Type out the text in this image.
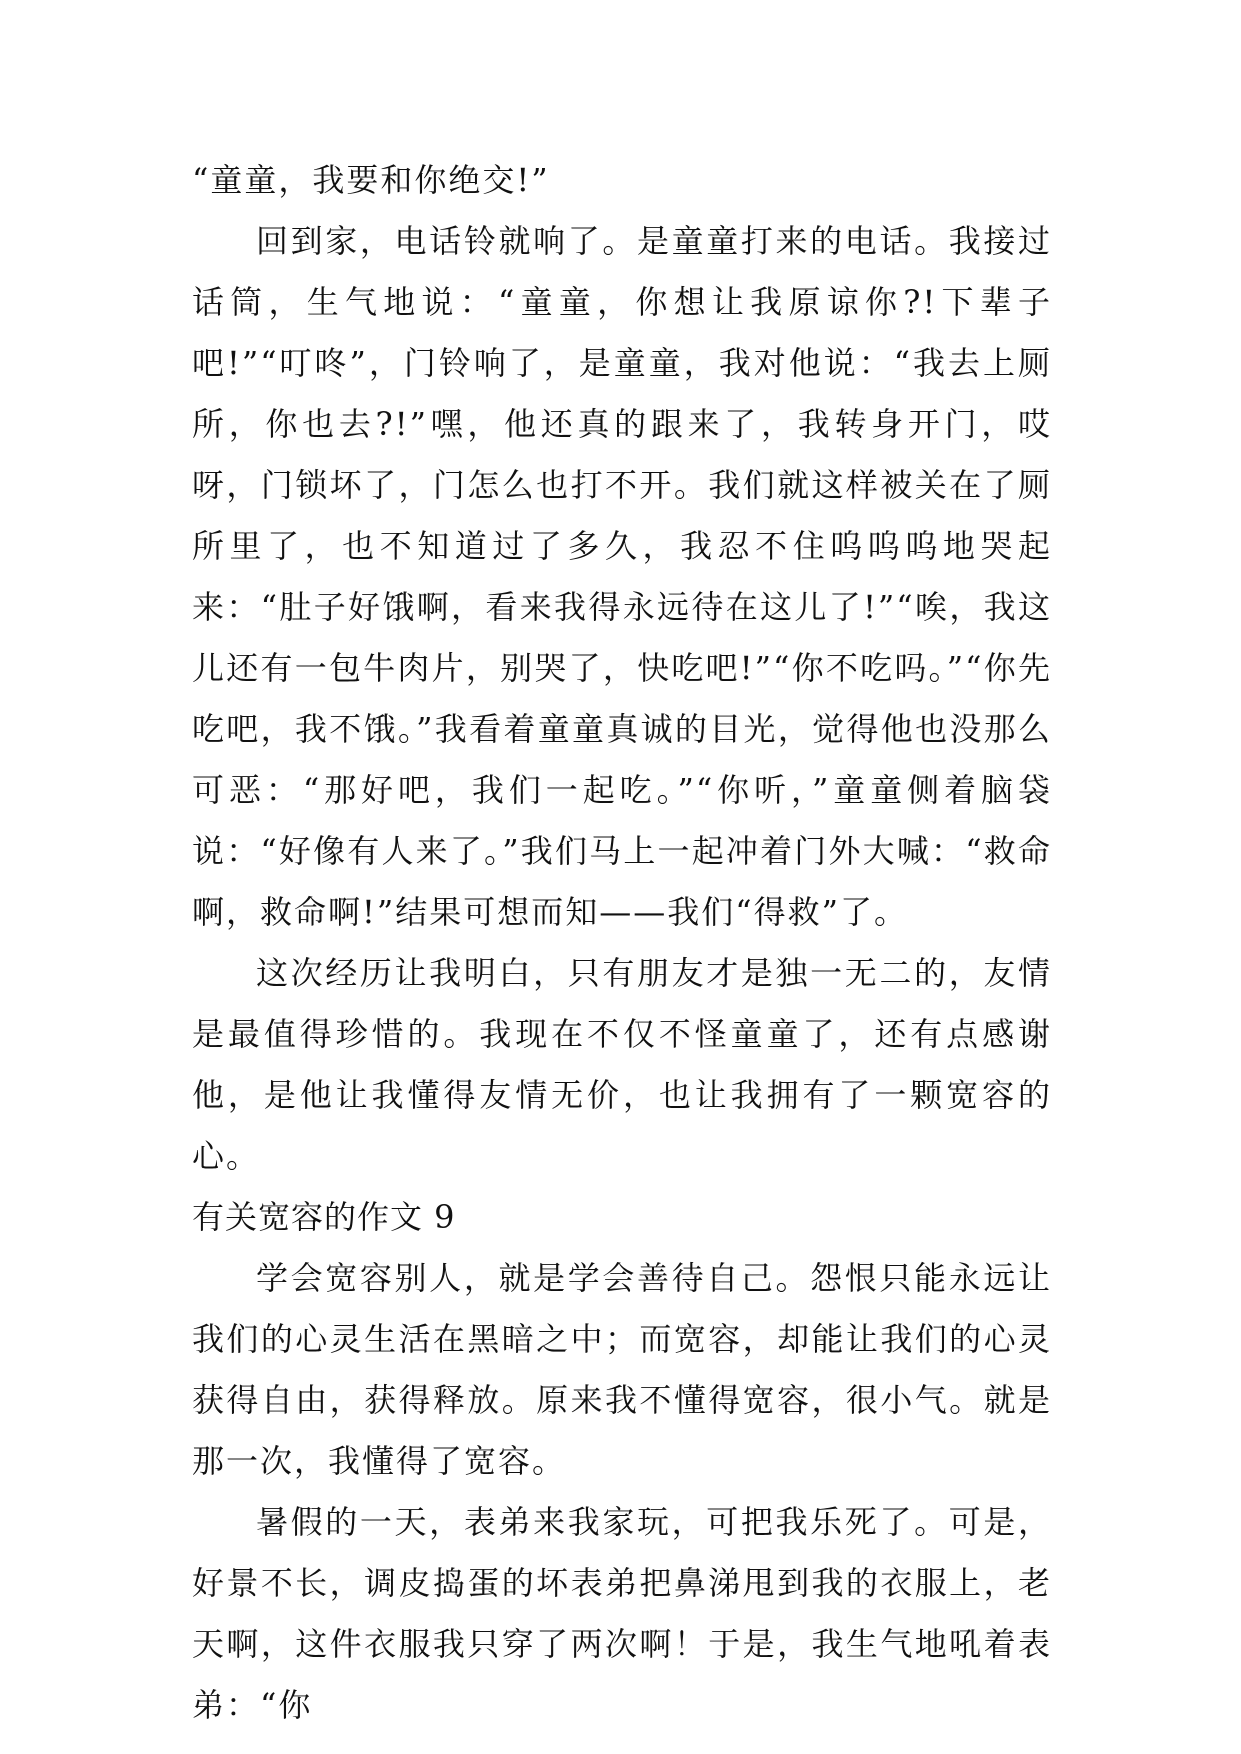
“童童，我要和你绝交!”

回到家，电话铃就响了。是童童打来的电话。我接过话筒，生气地说：“童童，你想让我原谅你?!下辈子吧!”“叮咚”，门铃响了，是童童，我对他说：“我去上厕所，你也去?!”嘿，他还真的跟来了，我转身开门，哎呀，门锁坏了，门怎么也打不开。我们就这样被关在了厕所里了，也不知道过了多久，我忍不住呜呜呜地哭起来：“肚子好饿啊，看来我得永远待在这儿了!”“唉，我这儿还有一包牛肉片，别哭了，快吃吧!”“你不吃吗。”“你先吃吧，我不饿。”我看着童童真诚的目光，觉得他也没那么可恶：“那好吧，我们一起吃。”“你听，”童童侧着脑袋说：“好像有人来了。”我们马上一起冲着门外大喊：“救命啊，救命啊!”结果可想而知——我们“得救”了。

这次经历让我明白，只有朋友才是独一无二的，友情是最值得珍惜的。我现在不仅不怪童童了，还有点感谢他，是他让我懂得友情无价，也让我拥有了一颗宽容的心。

有关宽容的作文 9

学会宽容别人，就是学会善待自己。怨恨只能永远让我们的心灵生活在黑暗之中；而宽容，却能让我们的心灵获得自由，获得释放。原来我不懂得宽容，很小气。就是那一次，我懂得了宽容。

暑假的一天，表弟来我家玩，可把我乐死了。可是，好景不长，调皮捣蛋的坏表弟把鼻涕甩到我的衣服上，老天啊，这件衣服我只穿了两次啊！于是，我生气地吼着表弟：“你
